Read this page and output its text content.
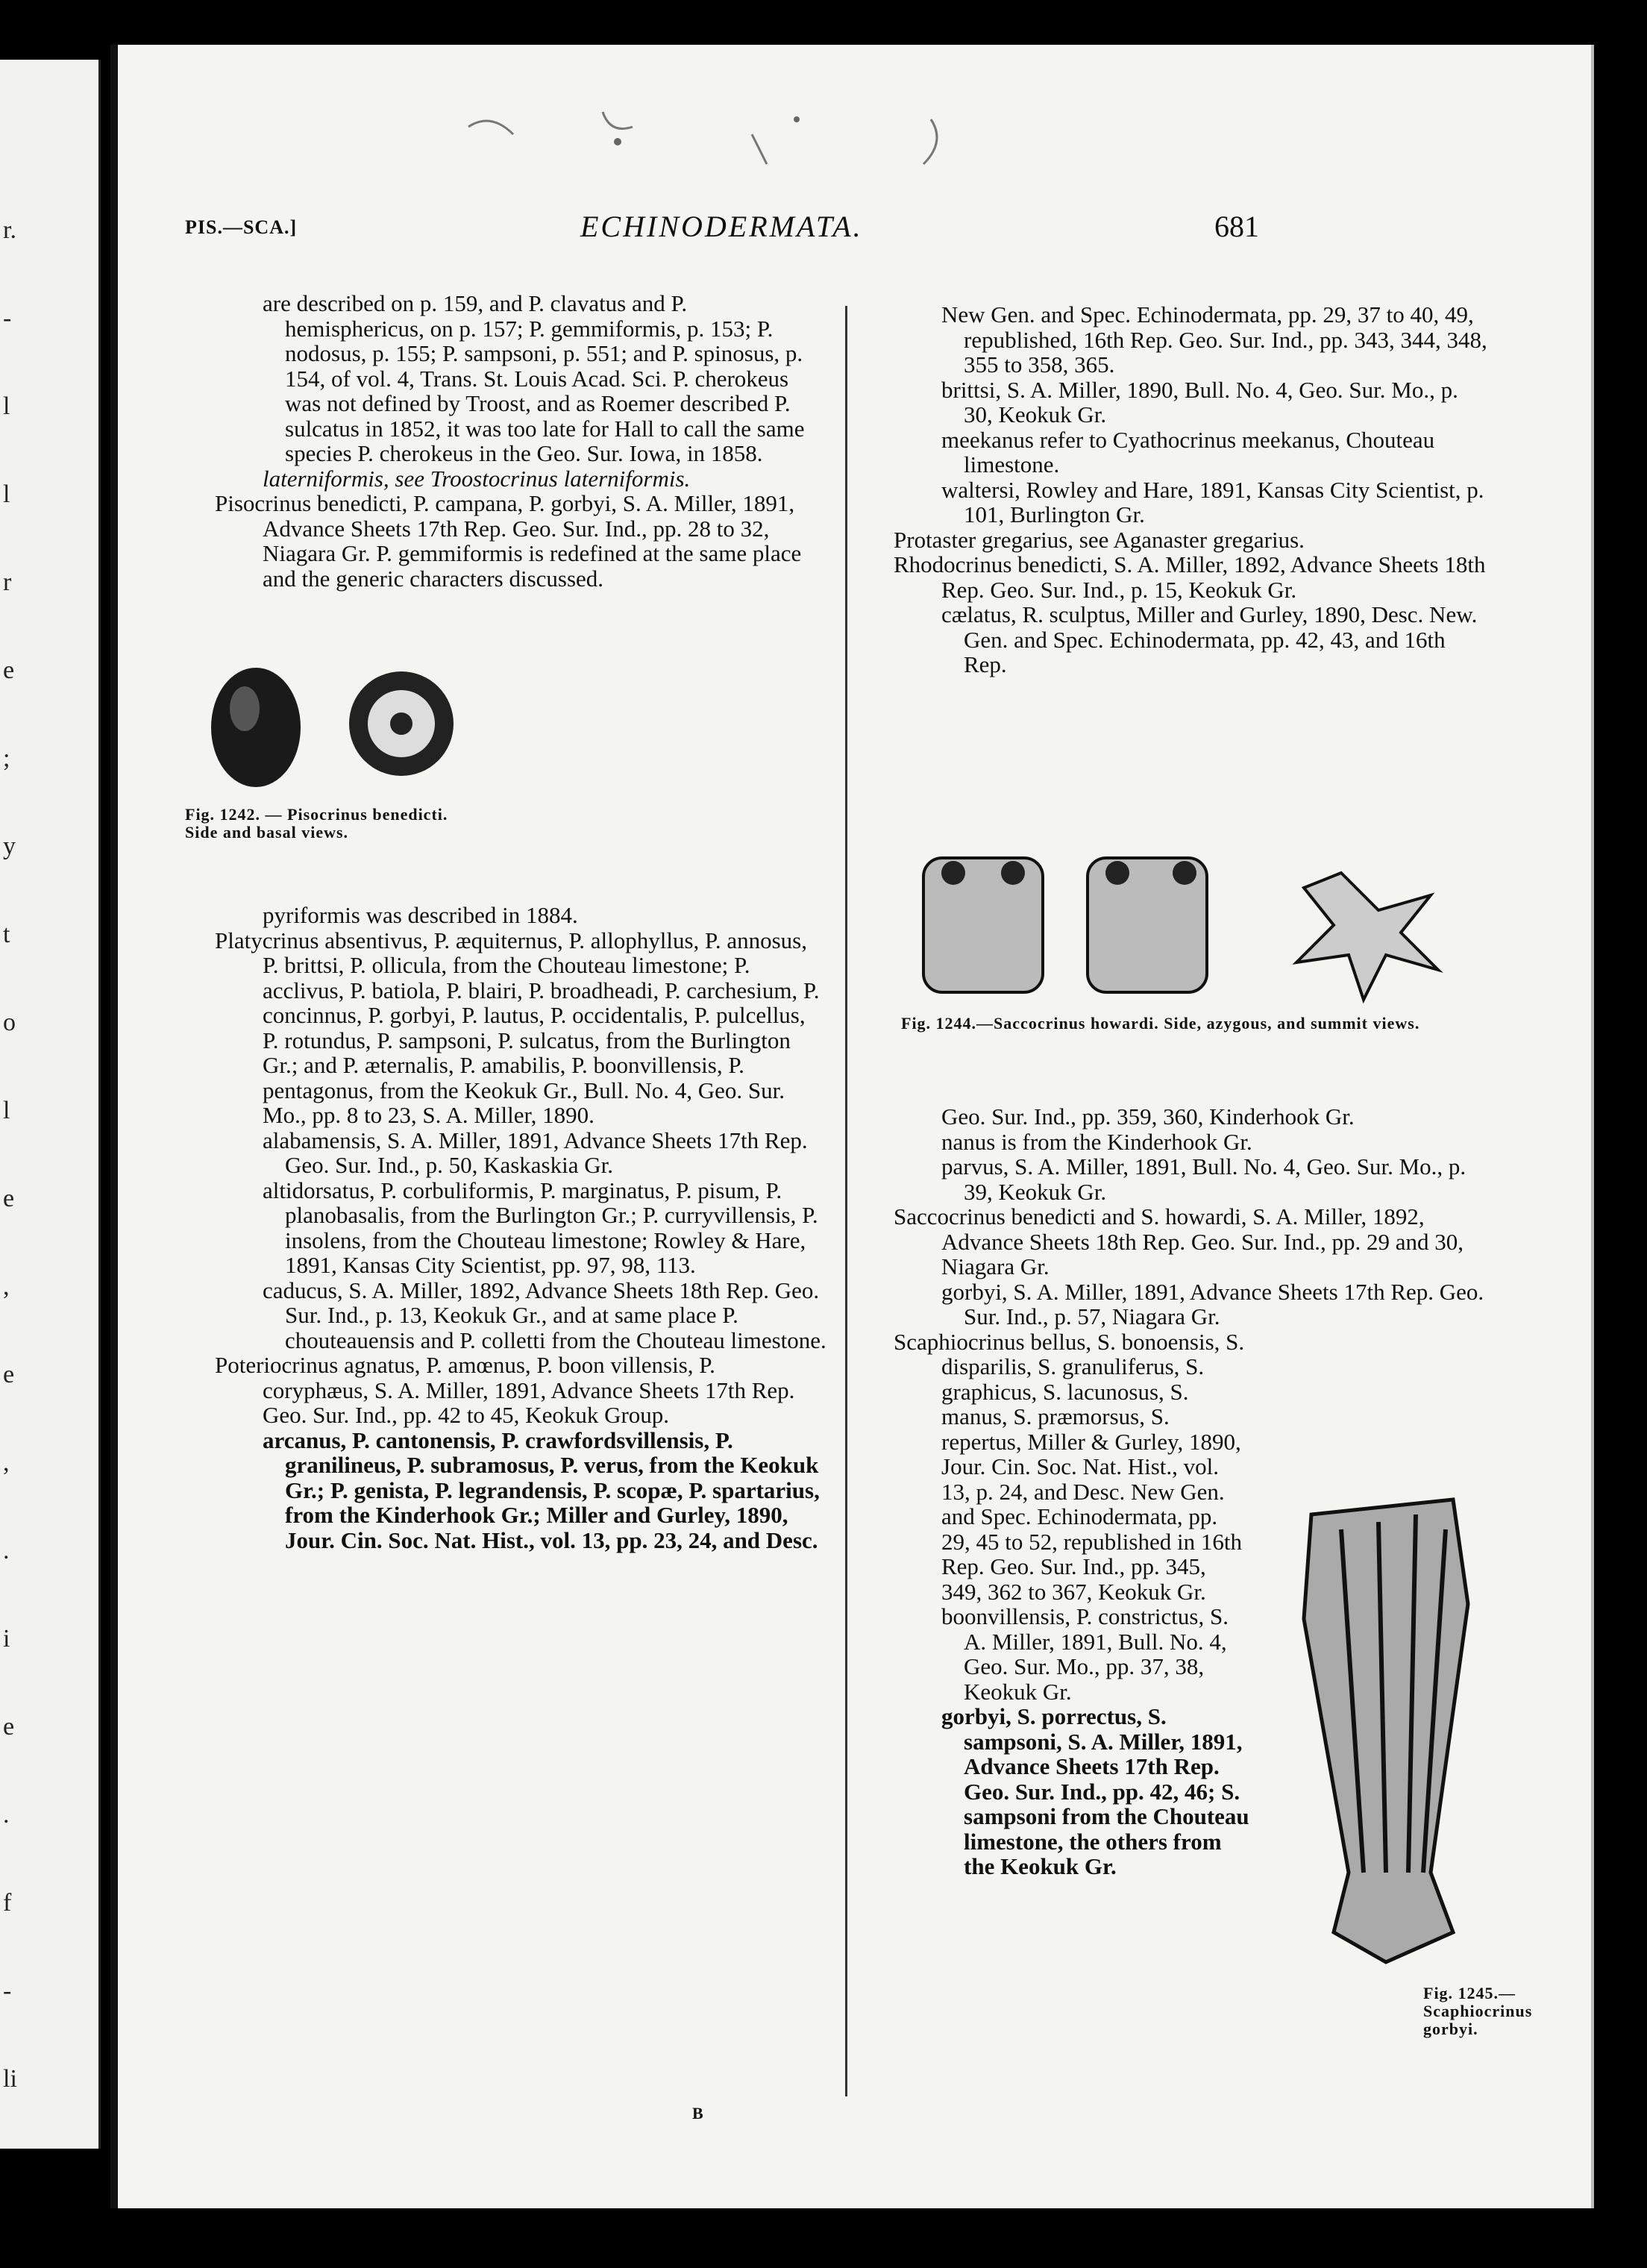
r.
-
l
l
r
e
;
y
t
o
l
e
,
e
,
.
i
e
.
f
-
li
PIS.—SCA.]	ECHINODERMATA.	681

are described on p. 159, and P. clavatus and P. hemisphericus, on p. 157; P. gemmiformis, p. 153; P. nodosus, p. 155; P. sampsoni, p. 551; and P. spinosus, p. 154, of vol. 4, Trans. St. Louis Acad. Sci. P. cherokeus was not defined by Troost, and as Roemer described P. sulcatus in 1852, it was too late for Hall to call the same species P. cherokeus in the Geo. Sur. Iowa, in 1858.

laterniformis, see Troostocrinus laterniformis.

Pisocrinus benedicti, P. campana, P. gorbyi, S. A. Miller, 1891, Advance Sheets 17th Rep. Geo. Sur. Ind., pp. 28 to 32, Niagara Gr. P. gemmiformis is redefined at the same place and the generic characters discussed.

pyriformis was described in 1884.

Platycrinus absentivus, P. æquiternus, P. allophyllus, P. annosus, P. brittsi, P. ollicula, from the Chouteau limestone; P. acclivus, P. batiola, P. blairi, P. broadheadi, P. carchesium, P. concinnus, P. gorbyi, P. lautus, P. occidentalis, P. pulcellus, P. rotundus, P. sampsoni, P. sulcatus, from the Burlington Gr.; and P. æternalis, P. amabilis, P. boonvillensis, P. pentagonus, from the Keokuk Gr., Bull. No. 4, Geo. Sur. Mo., pp. 8 to 23, S. A. Miller, 1890.

alabamensis, S. A. Miller, 1891, Advance Sheets 17th Rep. Geo. Sur. Ind., p. 50, Kaskaskia Gr.

altidorsatus, P. corbuliformis, P. marginatus, P. pisum, P. planobasalis, from the Burlington Gr.; P. curryvillensis, P. insolens, from the Chouteau limestone; Rowley & Hare, 1891, Kansas City Scientist, pp. 97, 98, 113.

caducus, S. A. Miller, 1892, Advance Sheets 18th Rep. Geo. Sur. Ind., p. 13, Keokuk Gr., and at same place P. chouteauensis and P. colletti from the Chouteau limestone.

Poteriocrinus agnatus, P. amœnus, P. boon villensis, P. coryphæus, S. A. Miller, 1891, Advance Sheets 17th Rep. Geo. Sur. Ind., pp. 42 to 45, Keokuk Group.

arcanus, P. cantonensis, P. crawfordsvillensis, P. granilineus, P. subramosus, P. verus, from the Keokuk Gr.; P. genista, P. legrandensis, P. scopæ, P. spartarius, from the Kinderhook Gr.; Miller and Gurley, 1890, Jour. Cin. Soc. Nat. Hist., vol. 13, pp. 23, 24, and Desc.

Fig. 1242. — Pisocrinus benedicti. Side and basal views.

New Gen. and Spec. Echinodermata, pp. 29, 37 to 40, 49, republished, 16th Rep. Geo. Sur. Ind., pp. 343, 344, 348, 355 to 358, 365.

brittsi, S. A. Miller, 1890, Bull. No. 4, Geo. Sur. Mo., p. 30, Keokuk Gr.

meekanus refer to Cyathocrinus meekanus, Chouteau limestone.

waltersi, Rowley and Hare, 1891, Kansas City Scientist, p. 101, Burlington Gr.

Protaster gregarius, see Aganaster gregarius.

Rhodocrinus benedicti, S. A. Miller, 1892, Advance Sheets 18th Rep. Geo. Sur. Ind., p. 15, Keokuk Gr.

cælatus, R. sculptus, Miller and Gurley, 1890, Desc. New. Gen. and Spec. Echinodermata, pp. 42, 43, and 16th Rep.

Fig. 1244.—Saccocrinus howardi. Side, azygous, and summit views.

Geo. Sur. Ind., pp. 359, 360, Kinderhook Gr.

nanus is from the Kinderhook Gr.

parvus, S. A. Miller, 1891, Bull. No. 4, Geo. Sur. Mo., p. 39, Keokuk Gr.

Saccocrinus benedicti and S. howardi, S. A. Miller, 1892, Advance Sheets 18th Rep. Geo. Sur. Ind., pp. 29 and 30, Niagara Gr.

gorbyi, S. A. Miller, 1891, Advance Sheets 17th Rep. Geo. Sur. Ind., p. 57, Niagara Gr.

Scaphiocrinus bellus, S. bonoensis, S. disparilis, S. granuliferus, S. graphicus, S. lacunosus, S. manus, S. præmorsus, S. repertus, Miller & Gurley, 1890, Jour. Cin. Soc. Nat. Hist., vol. 13, p. 24, and Desc. New Gen. and Spec. Echinodermata, pp. 29, 45 to 52, republished in 16th Rep. Geo. Sur. Ind., pp. 345, 349, 362 to 367, Keokuk Gr.

boonvillensis, P. constrictus, S. A. Miller, 1891, Bull. No. 4, Geo. Sur. Mo., pp. 37, 38, Keokuk Gr.

gorbyi, S. porrectus, S. sampsoni, S. A. Miller, 1891, Advance Sheets 17th Rep. Geo. Sur. Ind., pp. 42, 46; S. sampsoni from the Chouteau limestone, the others from the Keokuk Gr.

Fig. 1245.—Scaphiocrinus gorbyi.
B
